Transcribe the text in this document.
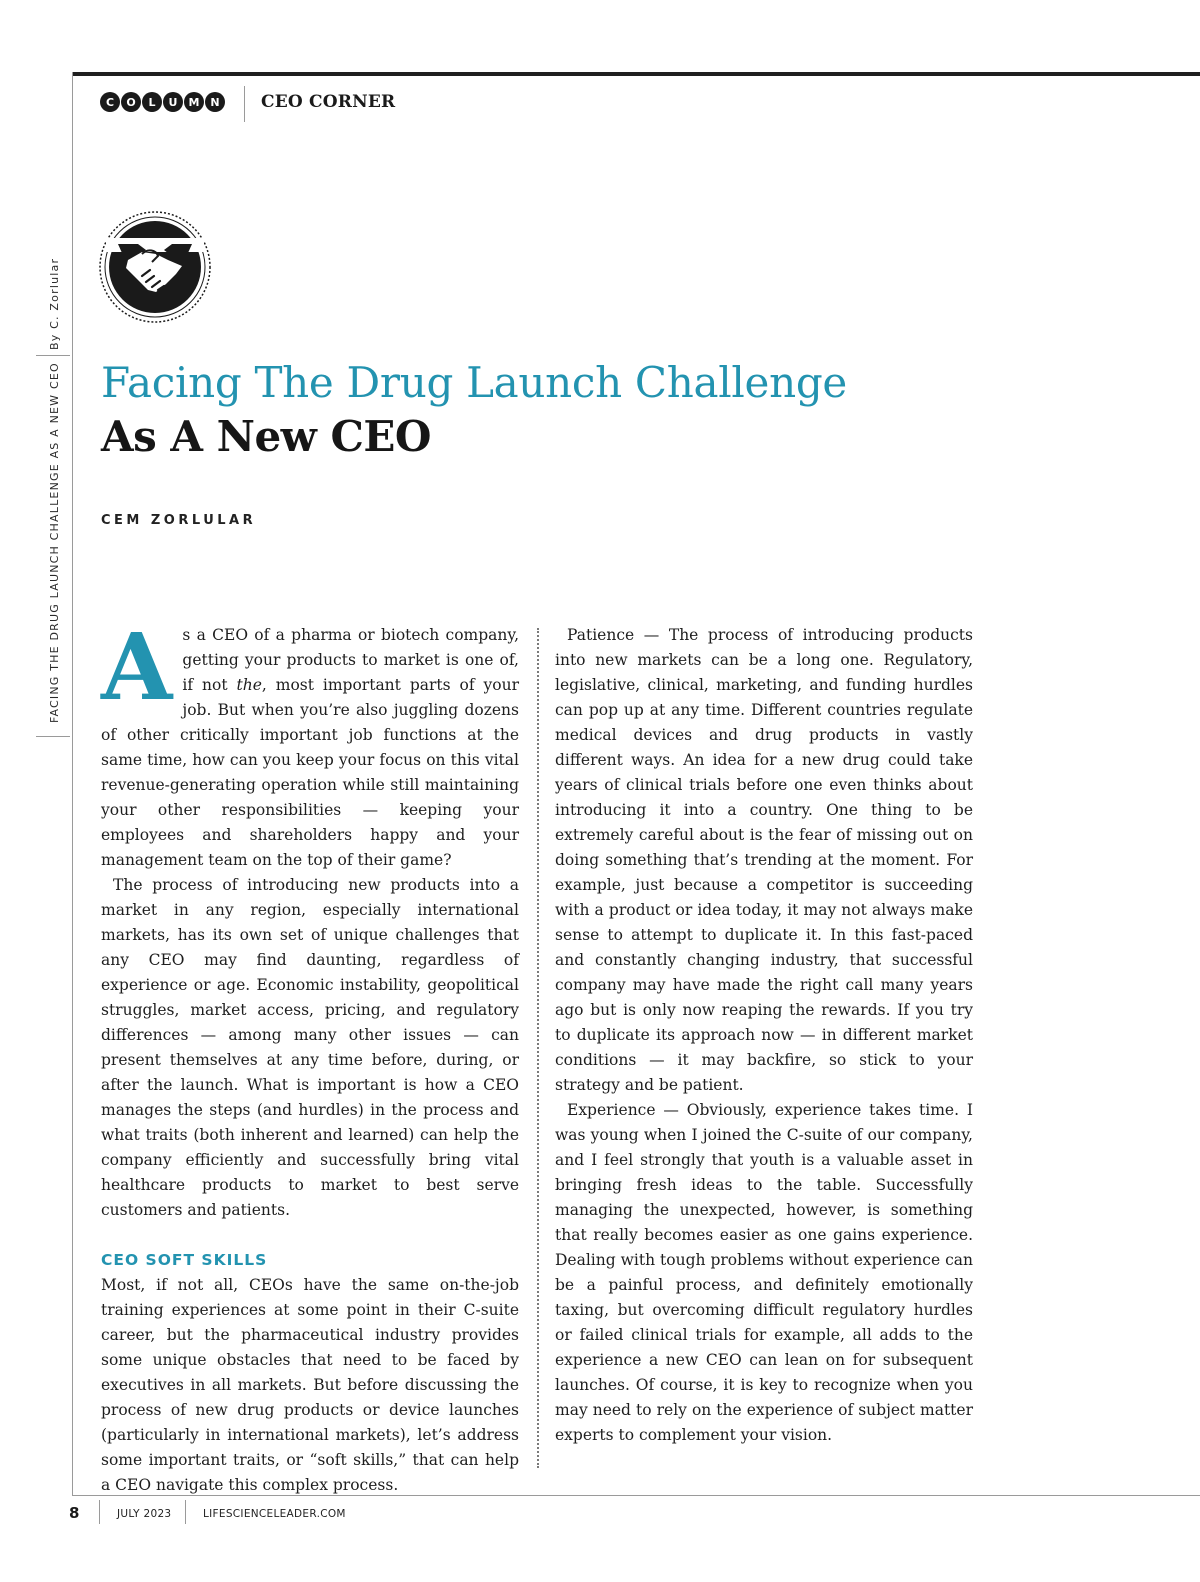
C	O	L	U	M N	CEO CORNER
By C. Zorlular
FACING THE DRUG LAUNCH CHALLENGE AS A NEW CEO Facing The Drug Launch Challenge
As A New CEO
CEM ZORLULAR

As a CEO of a pharma or biotech company, getting your products to market is one of, if not the, most important parts of your job. But when you’re also juggling dozens of other critically important job functions at the same time, how can you keep your focus on this vital revenue-generating operation while still maintaining your other responsibilities — keeping your employees and shareholders happy and your management team on the top of their game?

The process of introducing new products into a market in any region, especially international markets, has its own set of unique challenges that any CEO may find daunting, regardless of experience or age. Economic instability, geopolitical struggles, market access, pricing, and regulatory differences — among many other issues — can present themselves at any time before, during, or after the launch. What is important is how a CEO manages the steps (and hurdles) in the process and what traits (both inherent and learned) can help the company efficiently and successfully bring vital healthcare products to market to best serve customers and patients.

CEO SOFT SKILLS

Most, if not all, CEOs have the same on-the-job training experiences at some point in their C-suite career, but the pharmaceutical industry provides some unique obstacles that need to be faced by executives in all markets. But before discussing the process of new drug products or device launches (particularly in international markets), let’s address some important traits, or “soft skills,” that can help a CEO navigate this complex process.

Patience — The process of introducing products into new markets can be a long one. Regulatory, legislative, clinical, marketing, and funding hurdles can pop up at any time. Different countries regulate medical devices and drug products in vastly different ways. An idea for a new drug could take years of clinical trials before one even thinks about introducing it into a country. One thing to be extremely careful about is the fear of missing out on doing something that’s trending at the moment. For example, just because a competitor is succeeding with a product or idea today, it may not always make sense to attempt to duplicate it. In this fast-paced and constantly changing industry, that successful company may have made the right call many years ago but is only now reaping the rewards. If you try to duplicate its approach now — in different market conditions — it may backfire, so stick to your strategy and be patient.

Experience — Obviously, experience takes time. I was young when I joined the C-suite of our company, and I feel strongly that youth is a valuable asset in bringing fresh ideas to the table. Successfully managing the unexpected, however, is something that really becomes easier as one gains experience. Dealing with tough problems without experience can be a painful process, and definitely emotionally taxing, but overcoming difficult regulatory hurdles or failed clinical trials for example, all adds to the experience a new CEO can lean on for subsequent launches. Of course, it is key to recognize when you may need to rely on the experience of subject matter experts to complement your vision.

8	JULY 2023	LIFESCIENCELEADER.COM
